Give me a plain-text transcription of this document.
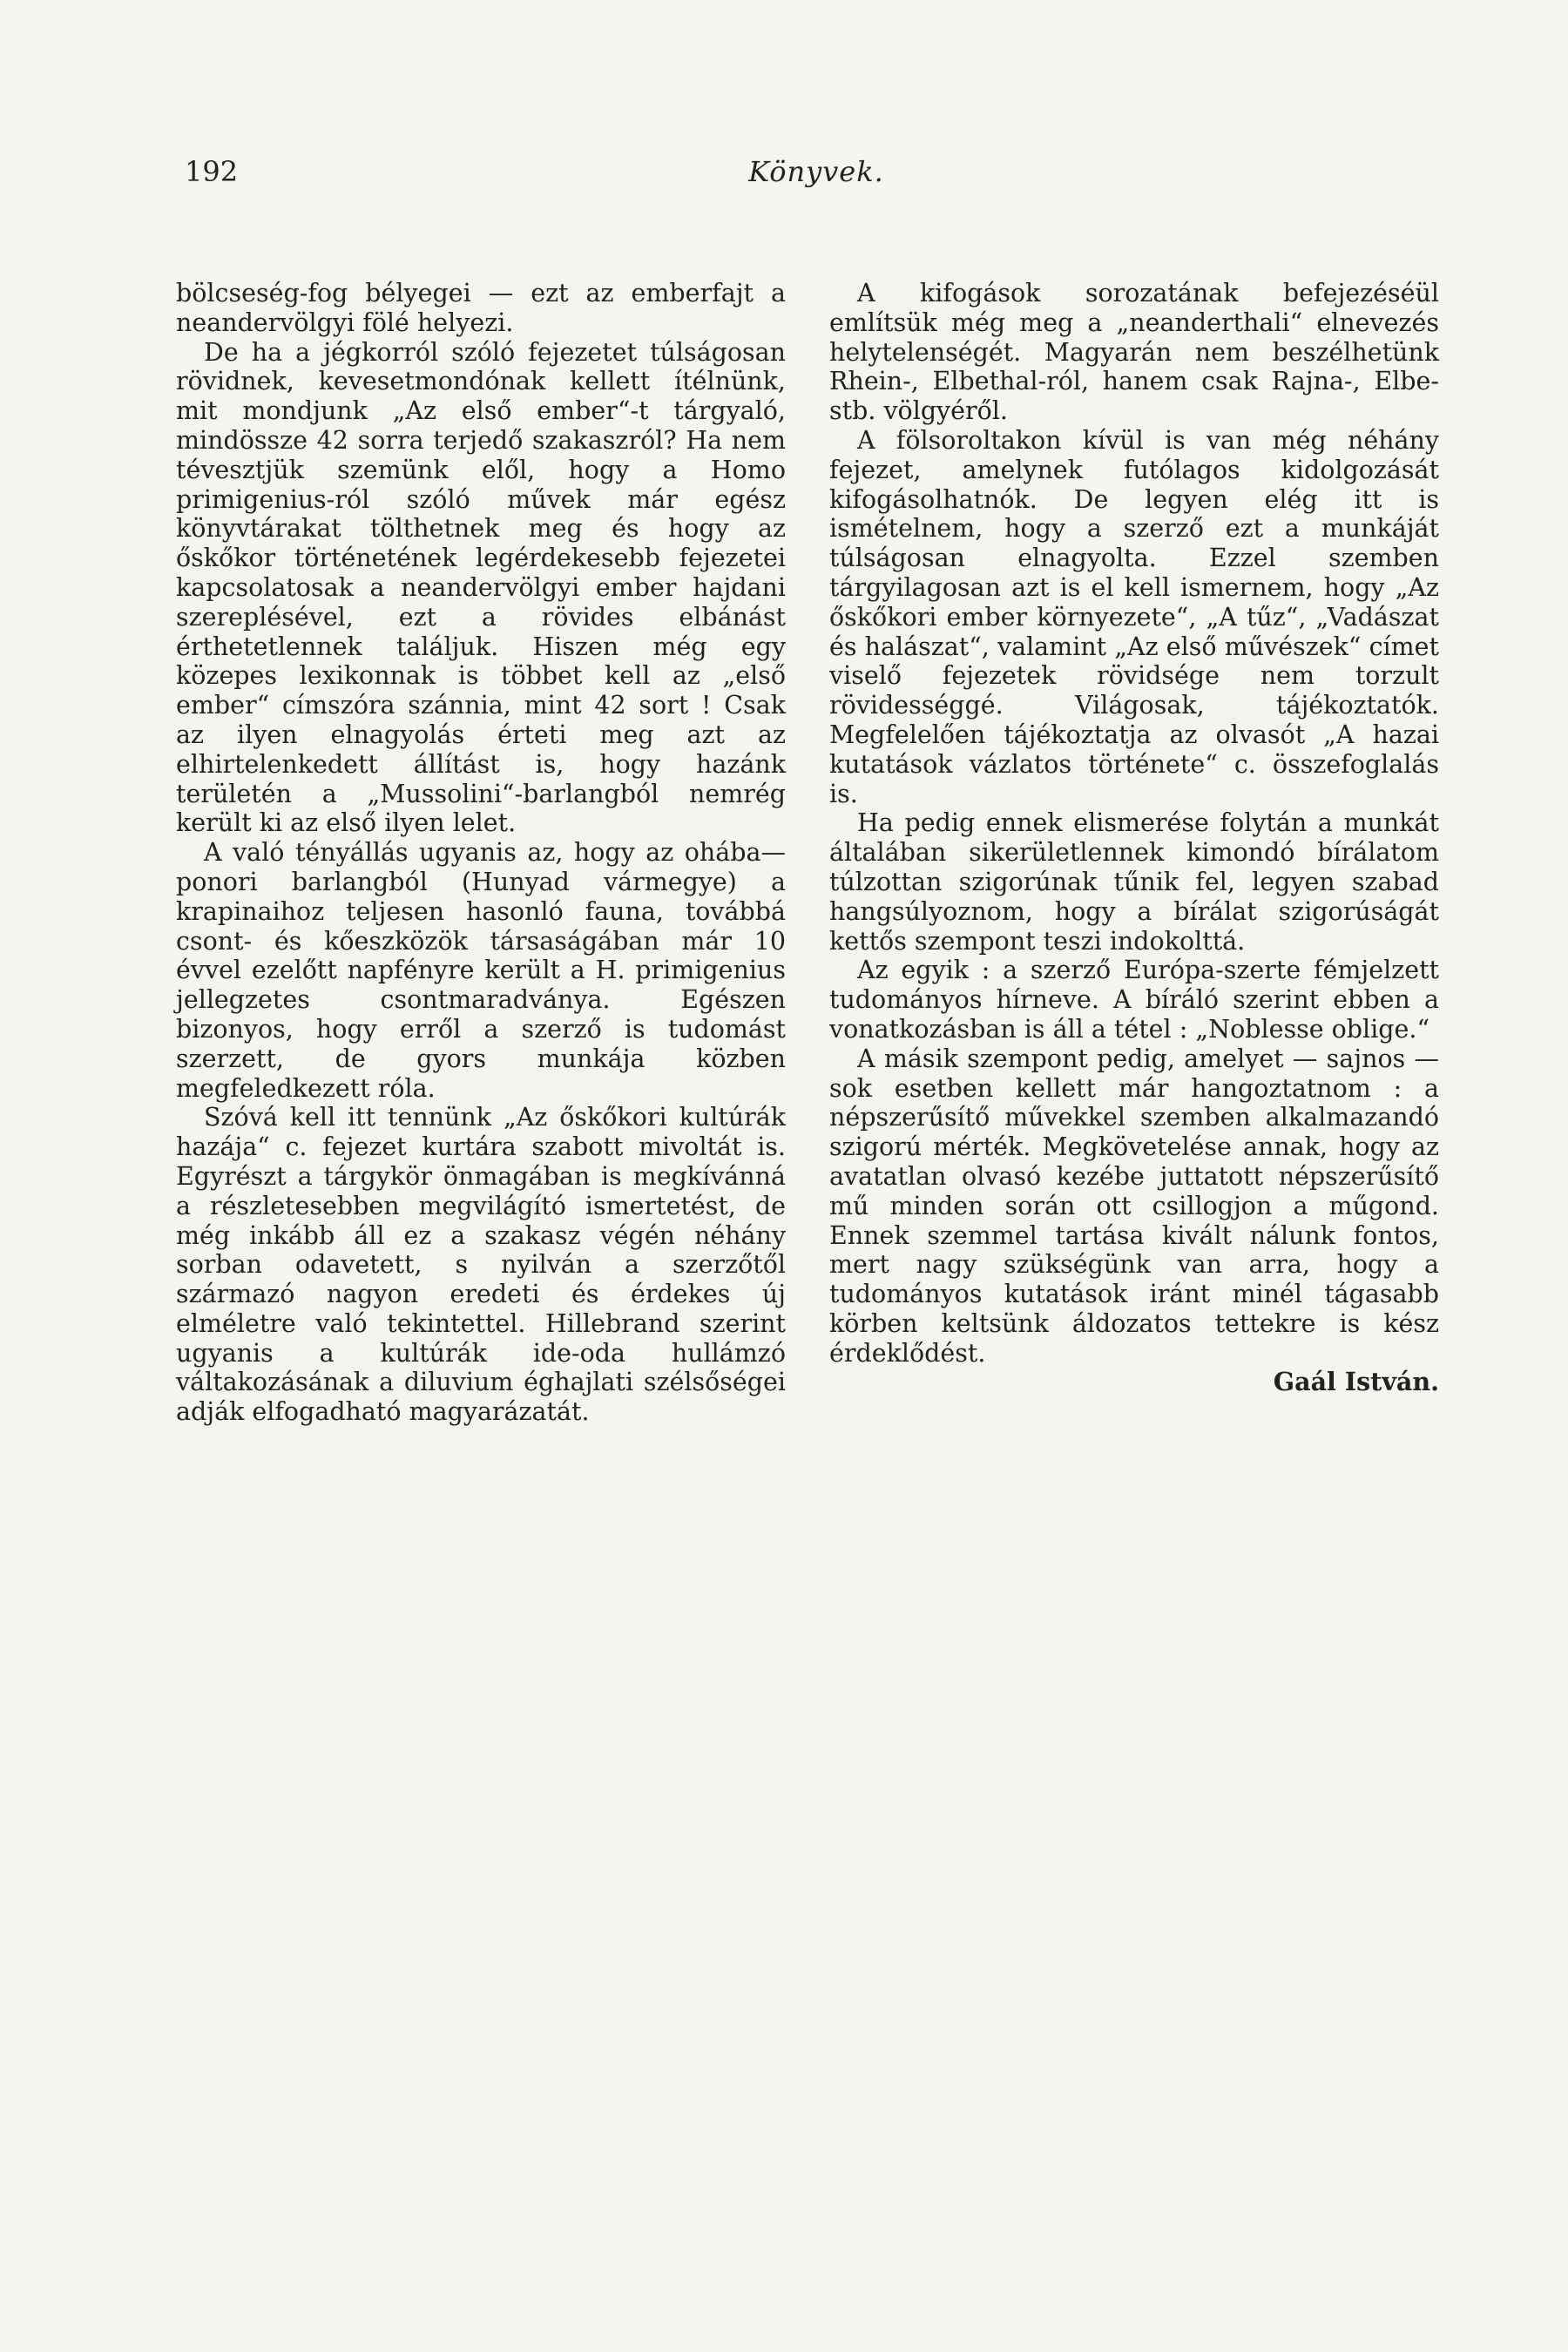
192	Könyvek.

bölcseség-fog bélyegei — ezt az emberfajt a neandervölgyi fölé helyezi.

De ha a jégkorról szóló fejezetet túlságosan rövidnek, kevesetmondónak kellett ítélnünk, mit mondjunk „Az első ember“-t tárgyaló, mindössze 42 sorra terjedő szakaszról? Ha nem tévesztjük szemünk elől, hogy a Homo primigenius-ról szóló művek már egész könyvtárakat tölthetnek meg és hogy az őskőkor történetének legérdekesebb fejezetei kapcsolatosak a neandervölgyi ember hajdani szereplésével, ezt a rövides elbánást érthetetlennek találjuk. Hiszen még egy közepes lexikonnak is többet kell az „első ember“ címszóra szánnia, mint 42 sort ! Csak az ilyen elnagyolás érteti meg azt az elhirtelenkedett állítást is, hogy hazánk területén a „Mussolini“-barlangból nemrég került ki az első ilyen lelet.

A való tényállás ugyanis az, hogy az ohába—ponori barlangból (Hunyad vármegye) a krapinaihoz teljesen hasonló fauna, továbbá csont- és kőeszközök társaságában már 10 évvel ezelőtt napfényre került a H. primigenius jellegzetes csontmaradványa. Egészen bizonyos, hogy erről a szerző is tudomást szerzett, de gyors munkája közben megfeledkezett róla.

Szóvá kell itt tennünk „Az őskőkori kultúrák hazája“ c. fejezet kurtára szabott mivoltát is. Egyrészt a tárgykör önmagában is megkívánná a részletesebben megvilágító ismertetést, de még inkább áll ez a szakasz végén néhány sorban odavetett, s nyilván a szerzőtől származó nagyon eredeti és érdekes új elméletre való tekintettel. Hillebrand szerint ugyanis a kultúrák ide-oda hullámzó váltakozásának a diluvium éghajlati szélsőségei adják elfogadható magyarázatát.

A kifogások sorozatának befejezéséül említsük még meg a „neanderthali“ elnevezés helytelenségét. Magyarán nem beszélhetünk Rhein-, Elbethal-ról, hanem csak Rajna-, Elbe- stb. völgyéről.

A fölsoroltakon kívül is van még néhány fejezet, amelynek futólagos kidolgozását kifogásolhatnók. De legyen elég itt is ismételnem, hogy a szerző ezt a munkáját túlságosan elnagyolta. Ezzel szemben tárgyilagosan azt is el kell ismernem, hogy „Az őskőkori ember környezete“, „A tűz“, „Vadászat és halászat“, valamint „Az első művészek“ címet viselő fejezetek rövidsége nem torzult rövidességgé. Világosak, tájékoztatók. Megfelelően tájékoztatja az olvasót „A hazai kutatások vázlatos története“ c. összefoglalás is.

Ha pedig ennek elismerése folytán a munkát általában sikerületlennek kimondó bírálatom túlzottan szigorúnak tűnik fel, legyen szabad hangsúlyoznom, hogy a bírálat szigorúságát kettős szempont teszi indokolttá.

Az egyik : a szerző Európa-szerte fémjelzett tudományos hírneve. A bíráló szerint ebben a vonatkozásban is áll a tétel : „Noblesse oblige.“

A másik szempont pedig, amelyet — sajnos — sok esetben kellett már hangoztatnom : a népszerűsítő művekkel szemben alkalmazandó szigorú mérték. Megkövetelése annak, hogy az avatatlan olvasó kezébe juttatott népszerűsítő mű minden során ott csillogjon a műgond. Ennek szemmel tartása kivált nálunk fontos, mert nagy szükségünk van arra, hogy a tudományos kutatások iránt minél tágasabb körben keltsünk áldozatos tettekre is kész érdeklődést.

Gaál István.
